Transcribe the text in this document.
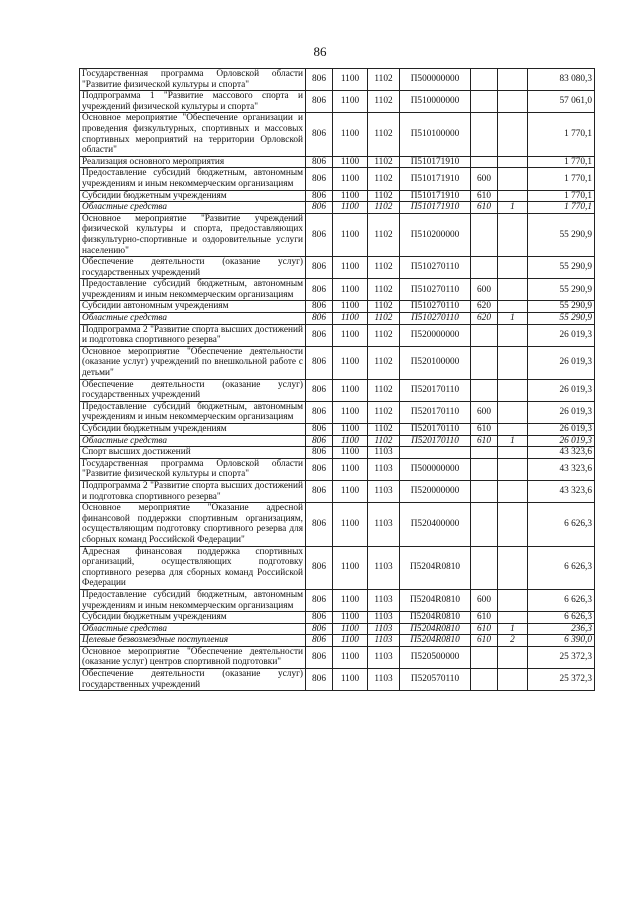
86
Государственная программа Орловской области "Развитие физической культуры и спорта"	806	1100	1102	П500000000			83 080,3
Подпрограмма 1 "Развитие массового спорта и учреждений физической культуры и спорта"	806	1100	1102	П510000000			57 061,0
Основное мероприятие "Обеспечение организации и проведения физкультурных, спортивных и массовых спортивных мероприятий на территории Орловской области"	806	1100	1102	П510100000			1 770,1
Реализация основного мероприятия	806	1100	1102	П510171910			1 770,1
Предоставление субсидий бюджетным, автономным учреждениям и иным некоммерческим организациям	806	1100	1102	П510171910	600		1 770,1
Субсидии бюджетным учреждениям	806	1100	1102	П510171910	610		1 770,1
Областные средства	806	1100	1102	П510171910	610	1	1 770,1
Основное мероприятие "Развитие учреждений физической культуры и спорта, предоставляющих физкультурно-спортивные и оздоровительные услуги населению"	806	1100	1102	П510200000			55 290,9
Обеспечение деятельности (оказание услуг) государственных учреждений	806	1100	1102	П510270110			55 290,9
Предоставление субсидий бюджетным, автономным учреждениям и иным некоммерческим организациям	806	1100	1102	П510270110	600		55 290,9
Субсидии автономным учреждениям	806	1100	1102	П510270110	620		55 290,9
Областные средства	806	1100	1102	П510270110	620	1	55 290,9
Подпрограмма 2 "Развитие спорта высших достижений и подготовка спортивного резерва"	806	1100	1102	П520000000			26 019,3
Основное мероприятие "Обеспечение деятельности (оказание услуг) учреждений по внешкольной работе с детьми"	806	1100	1102	П520100000			26 019,3
Обеспечение деятельности (оказание услуг) государственных учреждений	806	1100	1102	П520170110			26 019,3
Предоставление субсидий бюджетным, автономным учреждениям и иным некоммерческим организациям	806	1100	1102	П520170110	600		26 019,3
Субсидии бюджетным учреждениям	806	1100	1102	П520170110	610		26 019,3
Областные средства	806	1100	1102	П520170110	610	1	26 019,3
Спорт высших достижений	806	1100	1103				43 323,6
Государственная программа Орловской области "Развитие физической культуры и спорта"	806	1100	1103	П500000000			43 323,6
Подпрограмма 2 "Развитие спорта высших достижений и подготовка спортивного резерва"	806	1100	1103	П520000000			43 323,6
Основное мероприятие "Оказание адресной финансовой поддержки спортивным организациям, осуществляющим подготовку спортивного резерва для сборных команд Российской Федерации"	806	1100	1103	П520400000			6 626,3
Адресная финансовая поддержка спортивных организаций, осуществляющих подготовку спортивного резерва для сборных команд Российской Федерации	806	1100	1103	П5204R0810			6 626,3
Предоставление субсидий бюджетным, автономным учреждениям и иным некоммерческим организациям	806	1100	1103	П5204R0810	600		6 626,3
Субсидии бюджетным учреждениям	806	1100	1103	П5204R0810	610		6 626,3
Областные средства	806	1100	1103	П5204R0810	610	1	236,3
Целевые безвозмездные поступления	806	1100	1103	П5204R0810	610	2	6 390,0
Основное мероприятие "Обеспечение деятельности (оказание услуг) центров спортивной подготовки"	806	1100	1103	П520500000			25 372,3
Обеспечение деятельности (оказание услуг) государственных учреждений	806	1100	1103	П520570110			25 372,3
